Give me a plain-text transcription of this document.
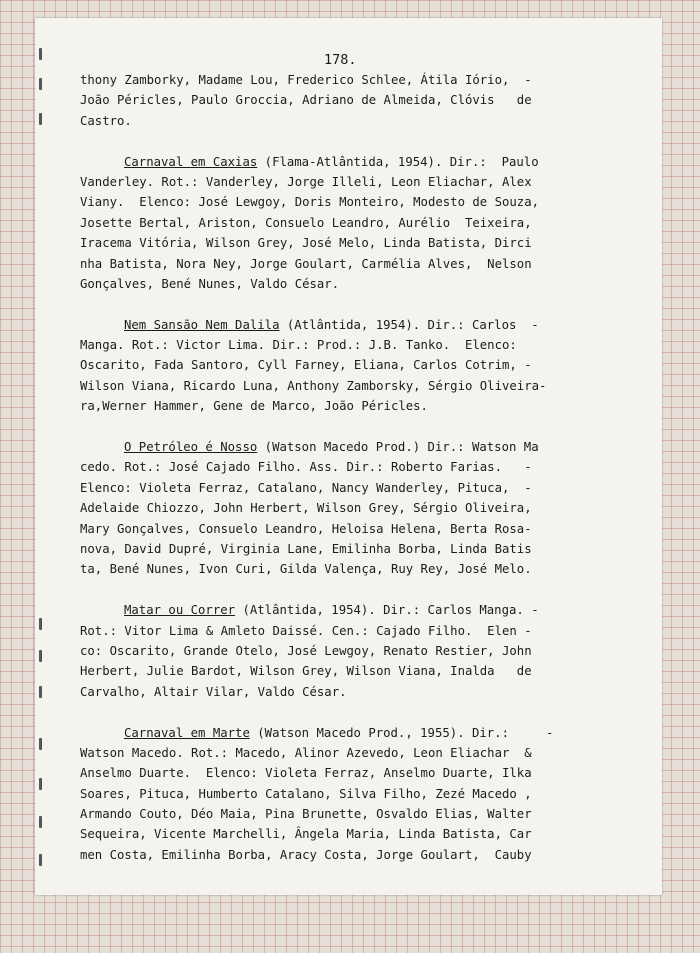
178.
thony Zamborky, Madame Lou, Frederico Schlee, Átila Iório,  -
João Péricles, Paulo Groccia, Adriano de Almeida, Clóvis   de
Castro.
Carnaval em Caxias (Flama-Atlântida, 1954). Dir.:  Paulo
Vanderley. Rot.: Vanderley, Jorge Illeli, Leon Eliachar, Alex
Viany.  Elenco: José Lewgoy, Doris Monteiro, Modesto de Souza,
Josette Bertal, Ariston, Consuelo Leandro, Aurélio  Teixeira,
Iracema Vitória, Wilson Grey, José Melo, Linda Batista, Dirci
nha Batista, Nora Ney, Jorge Goulart, Carmélia Alves,  Nelson
Gonçalves, Bené Nunes, Valdo César.
Nem Sansão Nem Dalila (Atlântida, 1954). Dir.: Carlos  -
Manga. Rot.: Victor Lima. Dir.: Prod.: J.B. Tanko.  Elenco:
Oscarito, Fada Santoro, Cyll Farney, Eliana, Carlos Cotrim, -
Wilson Viana, Ricardo Luna, Anthony Zamborsky, Sérgio Oliveira-
ra,Werner Hammer, Gene de Marco, João Péricles.
O Petróleo é Nosso (Watson Macedo Prod.) Dir.: Watson Ma
cedo. Rot.: José Cajado Filho. Ass. Dir.: Roberto Farias.   -
Elenco: Violeta Ferraz, Catalano, Nancy Wanderley, Pituca,  -
Adelaide Chiozzo, John Herbert, Wilson Grey, Sérgio Oliveira,
Mary Gonçalves, Consuelo Leandro, Heloisa Helena, Berta Rosa-
nova, David Dupré, Virginia Lane, Emilinha Borba, Linda Batis
ta, Bené Nunes, Ivon Curi, Gilda Valença, Ruy Rey, José Melo.
Matar ou Correr (Atlântida, 1954). Dir.: Carlos Manga. -
Rot.: Vitor Lima & Amleto Daissé. Cen.: Cajado Filho.  Elen -
co: Oscarito, Grande Otelo, José Lewgoy, Renato Restier, John
Herbert, Julie Bardot, Wilson Grey, Wilson Viana, Inalda   de
Carvalho, Altair Vilar, Valdo César.
Carnaval em Marte (Watson Macedo Prod., 1955). Dir.:     -
Watson Macedo. Rot.: Macedo, Alinor Azevedo, Leon Eliachar  &
Anselmo Duarte.  Elenco: Violeta Ferraz, Anselmo Duarte, Ilka
Soares, Pituca, Humberto Catalano, Silva Filho, Zezé Macedo ,
Armando Couto, Déo Maia, Pina Brunette, Osvaldo Elias, Walter
Sequeira, Vicente Marchelli, Ângela Maria, Linda Batista, Car
men Costa, Emilinha Borba, Aracy Costa, Jorge Goulart,  Cauby
